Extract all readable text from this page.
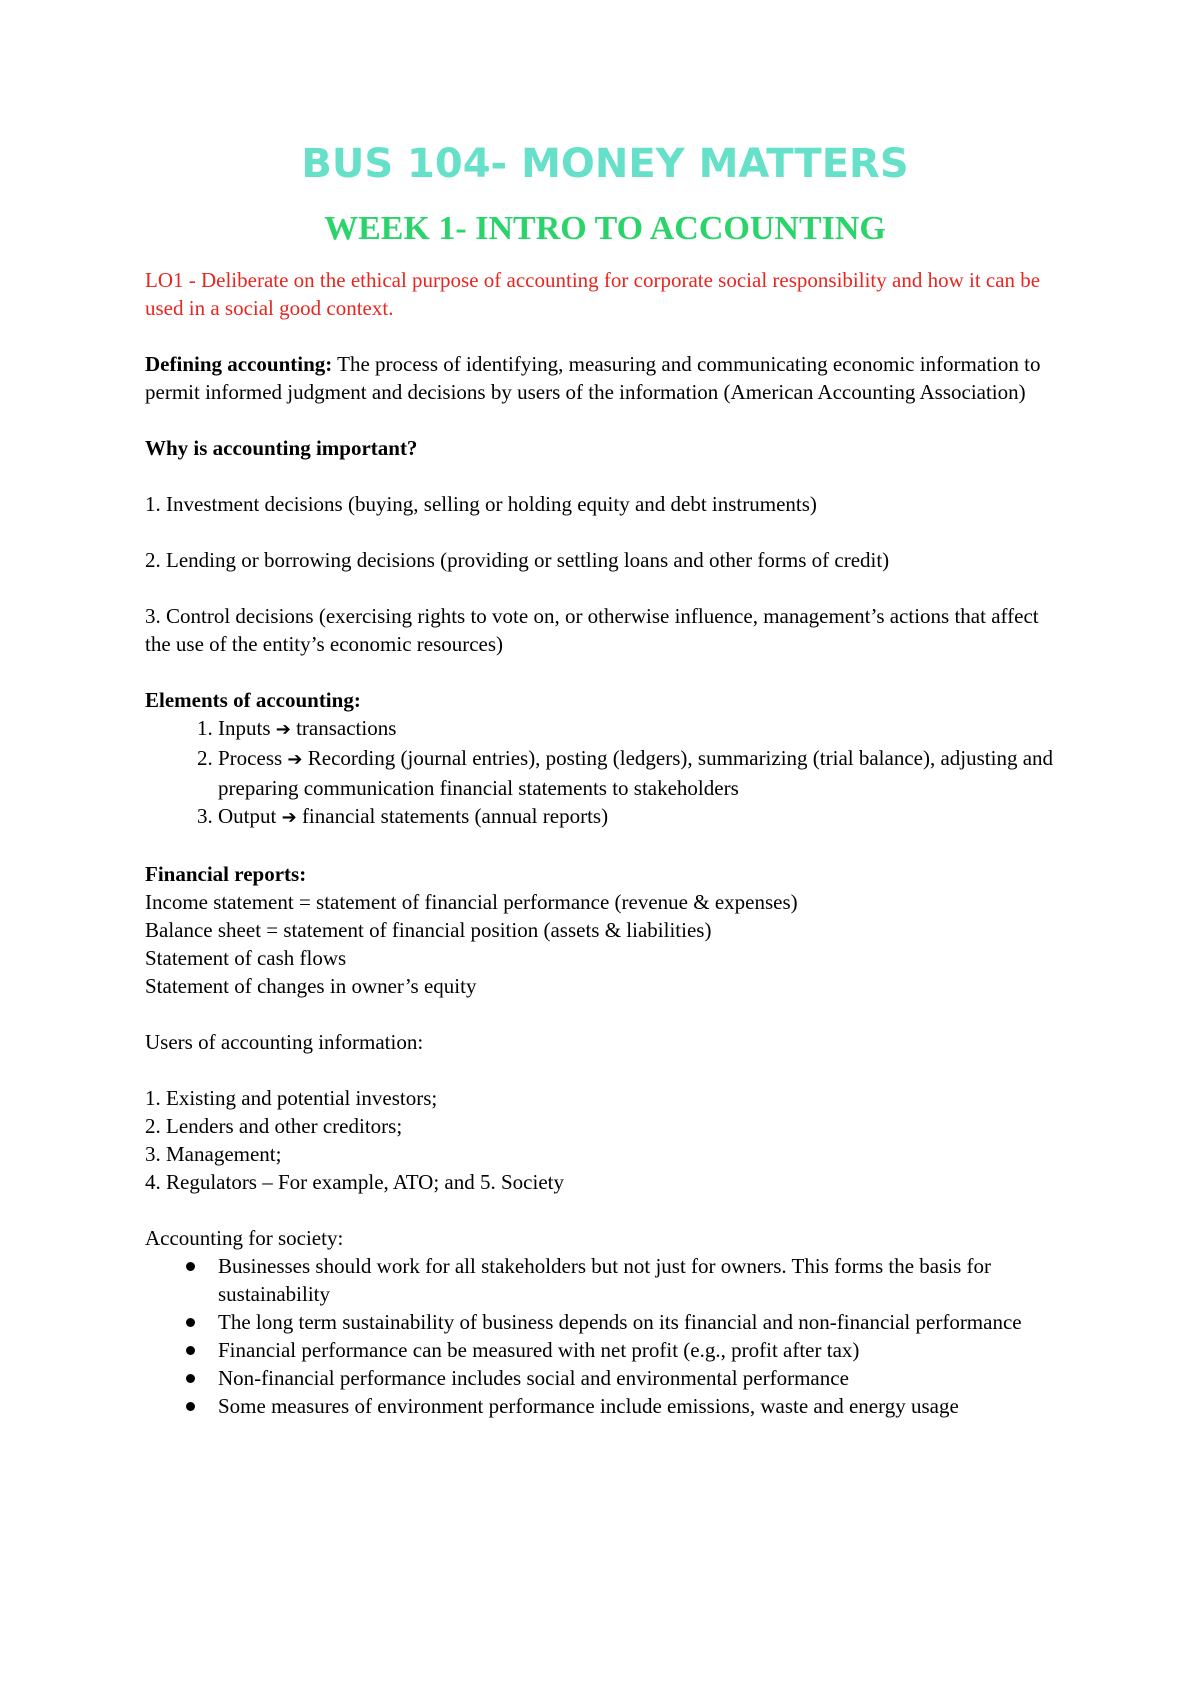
BUS 104- MONEY MATTERS
WEEK 1- INTRO TO ACCOUNTING

LO1 - Deliberate on the ethical purpose of accounting for corporate social responsibility and how it can be used in a social good context.

Defining accounting: The process of identifying, measuring and communicating economic information to permit informed judgment and decisions by users of the information (American Accounting Association)

Why is accounting important?

1. Investment decisions (buying, selling or holding equity and debt instruments)

2. Lending or borrowing decisions (providing or settling loans and other forms of credit)

3. Control decisions (exercising rights to vote on, or otherwise influence, management’s actions that affect the use of the entity’s economic resources)

Elements of accounting:
1. Inputs ➔ transactions
2. Process ➔ Recording (journal entries), posting (ledgers), summarizing (trial balance), adjusting and preparing communication financial statements to stakeholders
3. Output ➔ financial statements (annual reports)
Financial reports:
Income statement = statement of financial performance (revenue & expenses)
Balance sheet = statement of financial position (assets & liabilities)
Statement of cash flows
Statement of changes in owner’s equity

Users of accounting information:

1. Existing and potential investors;
2. Lenders and other creditors;
3. Management;
4. Regulators – For example, ATO; and 5. Society
Accounting for society:
Businesses should work for all stakeholders but not just for owners. This forms the basis for sustainability
The long term sustainability of business depends on its financial and non-financial performance
Financial performance can be measured with net profit (e.g., profit after tax)
Non-financial performance includes social and environmental performance
Some measures of environment performance include emissions, waste and energy usage
